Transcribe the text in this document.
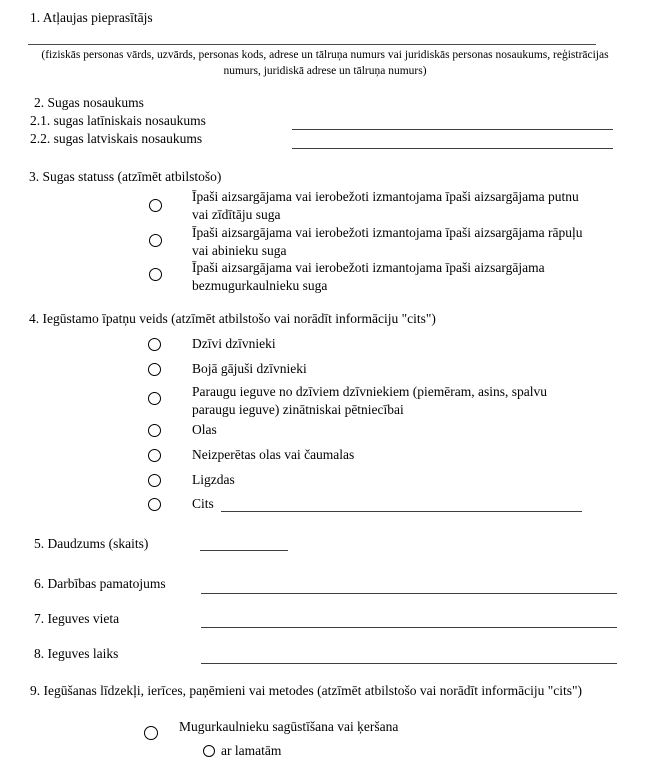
1. Atļaujas pieprasītājs
(fiziskās personas vārds, uzvārds, personas kods, adrese un tālruņa numurs vai juridiskās personas nosaukums, reģistrācijas numurs, juridiskā adrese un tālruņa numurs)
2. Sugas nosaukums
2.1. sugas latīniskais nosaukums
2.2. sugas latviskais nosaukums
3. Sugas statuss (atzīmēt atbilstošo)
Īpaši aizsargājama vai ierobežoti izmantojama īpaši aizsargājama putnu vai zīdītāju suga
Īpaši aizsargājama vai ierobežoti izmantojama īpaši aizsargājama rāpuļu vai abinieku suga
Īpaši aizsargājama vai ierobežoti izmantojama īpaši aizsargājama bezmugurkaulnieku suga
4. Iegūstamo īpatņu veids (atzīmēt atbilstošo vai norādīt informāciju "cits")
Dzīvi dzīvnieki
Bojā gājuši dzīvnieki
Paraugu ieguve no dzīviem dzīvniekiem (piemēram, asins, spalvu paraugu ieguve) zinātniskai pētniecībai
Olas
Neizperētas olas vai čaumalas
Ligzdas
Cits
5. Daudzums (skaits)
6. Darbības pamatojums
7. Ieguves vieta
8. Ieguves laiks
9. Iegūšanas līdzekļi, ierīces, paņēmieni vai metodes (atzīmēt atbilstošo vai norādīt informāciju "cits")
Mugurkaulnieku sagūstīšana vai ķeršana
ar lamatām
